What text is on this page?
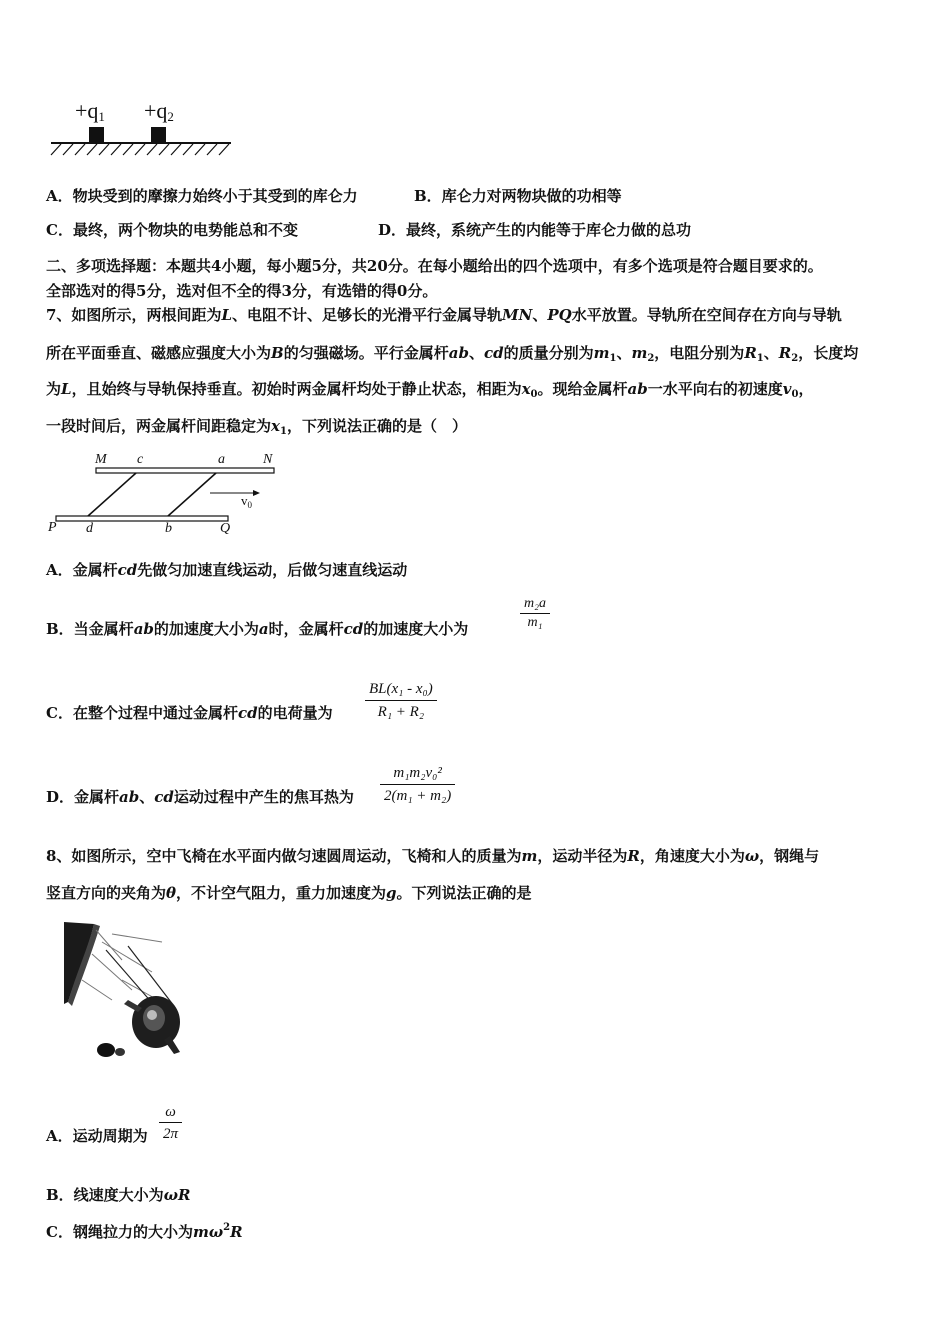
$+q_1 +q_2$
A．物块受到的摩擦力始终小于其受到的库仑力	B．库仑力对两物块做的功相等
C．最终，两个物块的电势能总和不变	D．最终，系统产生的内能等于库仑力做的总功
二、多项选择题：本题共4小题，每小题5分，共20分。在每小题给出的四个选项中，有多个选项是符合题目要求的。
全部选对的得5分，选对但不全的得3分，有选错的得0分。
7、如图所示，两根间距为L、电阻不计、足够长的光滑平行金属导轨MN、PQ水平放置。导轨所在空间存在方向与导轨
所在平面垂直、磁感应强度大小为B的匀强磁场。平行金属杆ab、cd的质量分别为$m_1$、$m_2$，电阻分别为$R_1$、$R_2$，长度均
为L，且始终与导轨保持垂直。初始时两金属杆均处于静止状态，相距为$x_0$。现给金属杆ab一水平向右的初速度$v_0$，
一段时间后，两金属杆间距稳定为$x_1$，下列说法正确的是（　）
M c	a	N
$v_0$
P d	b	Q
A．金属杆cd先做匀加速直线运动，后做匀速直线运动
B．当金属杆ab的加速度大小为a时，金属杆cd的加速度大小为
m₂a
m₁
C．在整个过程中通过金属杆cd的电荷量为
BL(x₁ - x₀)
R₁ + R₂
D．金属杆ab、cd运动过程中产生的焦耳热为
m₁m₂v₀²
2(m₁ + m₂)
8、如图所示，空中飞椅在水平面内做匀速圆周运动，飞椅和人的质量为m，运动半径为R，角速度大小为ω，钢绳与
竖直方向的夹角为θ，不计空气阻力，重力加速度为g。下列说法正确的是
A．运动周期为
ω
2π
B．线速度大小为ωR
C．钢绳拉力的大小为$m\omega^2R$
